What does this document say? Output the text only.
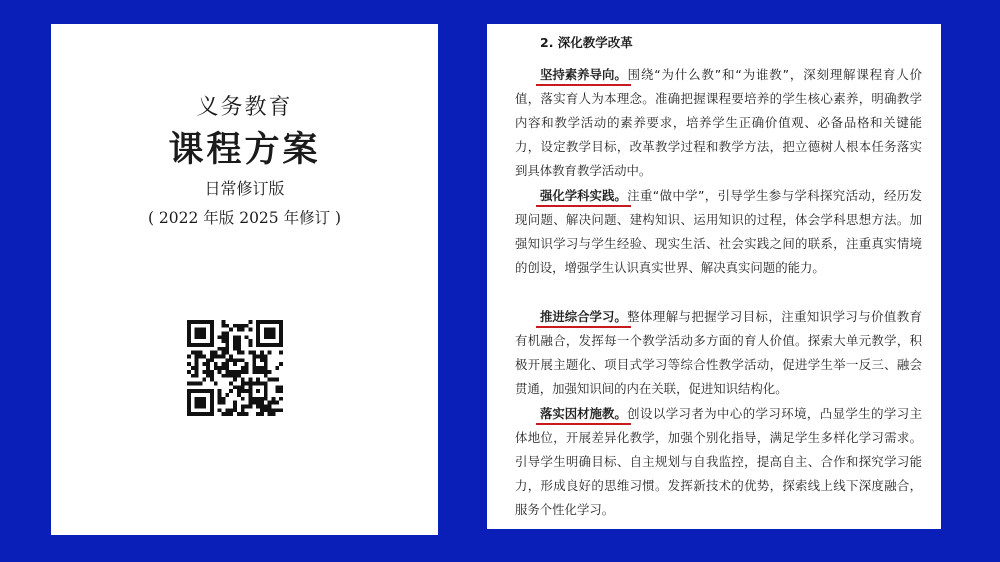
义务教育
课程方案
日常修订版
( 2022 年版 2025 年修订 )
2. 深化教学改革

坚持素养导向。
围绕“为什么教”和“为谁教”，深刻理解课程育人价值，落实育人为本理念。准确把握课程要培养的学生核心素养，明确教学内容和教学活动的素养要求，培养学生正确价值观、必备品格和关键能力，设定教学目标，改革教学过程和教学方法，把立德树人根本任务落实到具体教育教学活动中。

强化学科实践。
注重“做中学”，引导学生参与学科探究活动，经历发现问题、解决问题、建构知识、运用知识的过程，体会学科思想方法。加强知识学习与学生经验、现实生活、社会实践之间的联系，注重真实情境的创设，增强学生认识真实世界、解决真实问题的能力。

推进综合学习。
整体理解与把握学习目标，注重知识学习与价值教育有机融合，发挥每一个教学活动多方面的育人价值。探索大单元教学，积极开展主题化、项目式学习等综合性教学活动，促进学生举一反三、融会贯通，加强知识间的内在关联，促进知识结构化。

落实因材施教。
创设以学习者为中心的学习环境，凸显学生的学习主体地位，开展差异化教学，加强个别化指导，满足学生多样化学习需求。引导学生明确目标、自主规划与自我监控，提高自主、合作和探究学习能力，形成良好的思维习惯。发挥新技术的优势，探索线上线下深度融合，服务个性化学习。
